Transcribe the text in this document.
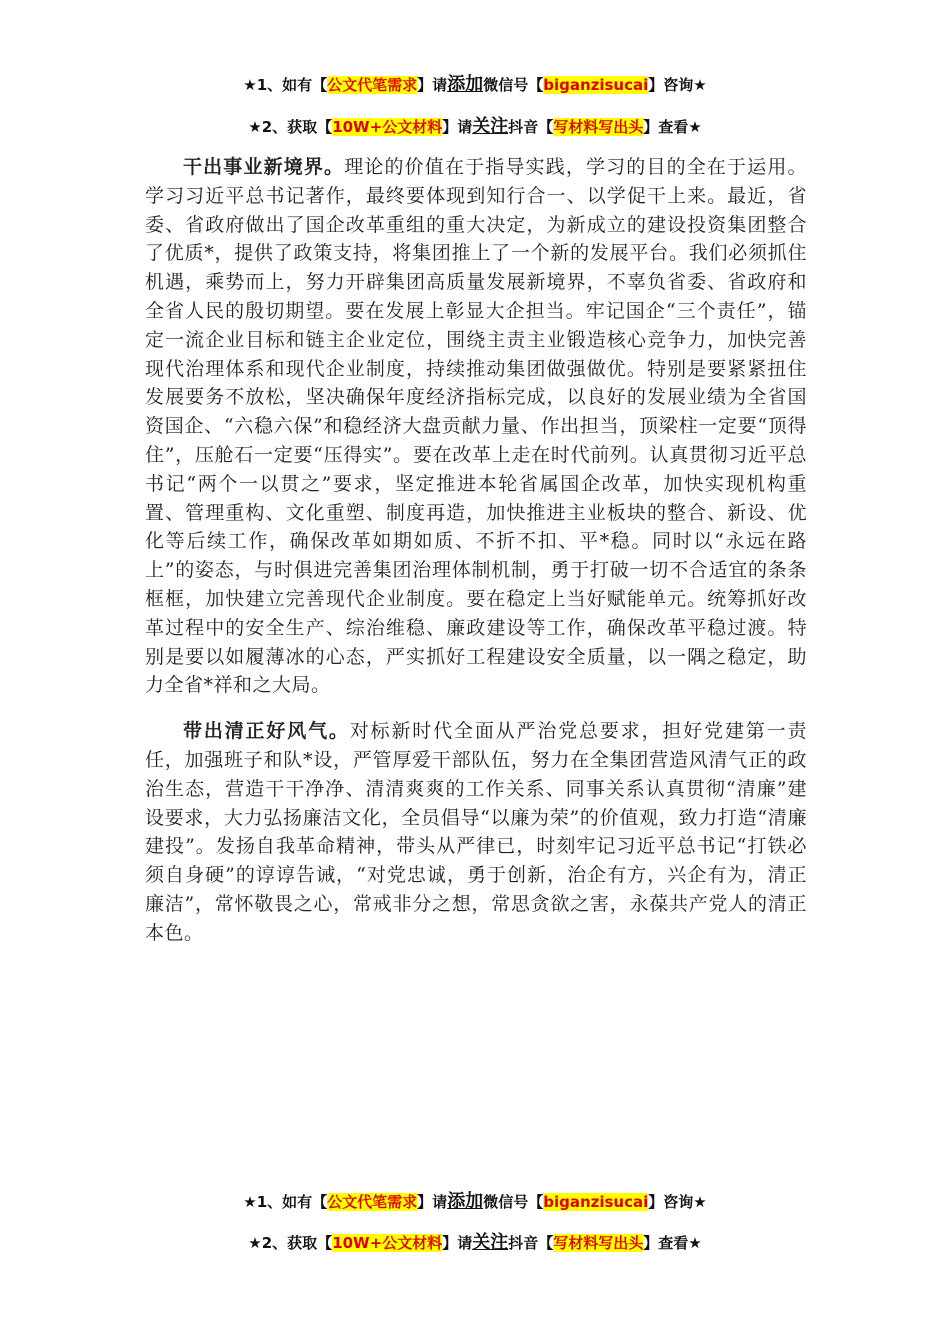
★1、如有【公文代笔需求】请添加微信号【biganzisucai】咨询★
★2、获取【10W+公文材料】请关注抖音【写材料写出头】查看★

干出事业新境界。理论的价值在于指导实践，学习的目的全在于运用。学习习近平总书记著作，最终要体现到知行合一、以学促干上来。最近，省委、省政府做出了国企改革重组的重大决定，为新成立的建设投资集团整合了优质*，提供了政策支持，将集团推上了一个新的发展平台。我们必须抓住机遇，乘势而上，努力开辟集团高质量发展新境界，不辜负省委、省政府和全省人民的殷切期望。要在发展上彰显大企担当。牢记国企“三个责任”，锚定一流企业目标和链主企业定位，围绕主责主业锻造核心竞争力，加快完善现代治理体系和现代企业制度，持续推动集团做强做优。特别是要紧紧扭住发展要务不放松，坚决确保年度经济指标完成，以良好的发展业绩为全省国资国企、“六稳六保”和稳经济大盘贡献力量、作出担当，顶梁柱一定要“顶得住”，压舱石一定要“压得实”。要在改革上走在时代前列。认真贯彻习近平总书记“两个一以贯之”要求，坚定推进本轮省属国企改革，加快实现机构重置、管理重构、文化重塑、制度再造，加快推进主业板块的整合、新设、优化等后续工作，确保改革如期如质、不折不扣、平*稳。同时以“永远在路上”的姿态，与时俱进完善集团治理体制机制，勇于打破一切不合适宜的条条框框，加快建立完善现代企业制度。要在稳定上当好赋能单元。统筹抓好改革过程中的安全生产、综治维稳、廉政建设等工作，确保改革平稳过渡。特别是要以如履薄冰的心态，严实抓好工程建设安全质量，以一隅之稳定，助力全省*祥和之大局。

带出清正好风气。对标新时代全面从严治党总要求，担好党建第一责任，加强班子和队*设，严管厚爱干部队伍，努力在全集团营造风清气正的政治生态，营造干干净净、清清爽爽的工作关系、同事关系认真贯彻“清廉”建设要求，大力弘扬廉洁文化，全员倡导“以廉为荣”的价值观，致力打造“清廉建投”。发扬自我革命精神，带头从严律已，时刻牢记习近平总书记“打铁必须自身硬”的谆谆告诫，“对党忠诚，勇于创新，治企有方，兴企有为，清正廉洁”，常怀敬畏之心，常戒非分之想，常思贪欲之害，永葆共产党人的清正本色。

★1、如有【公文代笔需求】请添加微信号【biganzisucai】咨询★
★2、获取【10W+公文材料】请关注抖音【写材料写出头】查看★
